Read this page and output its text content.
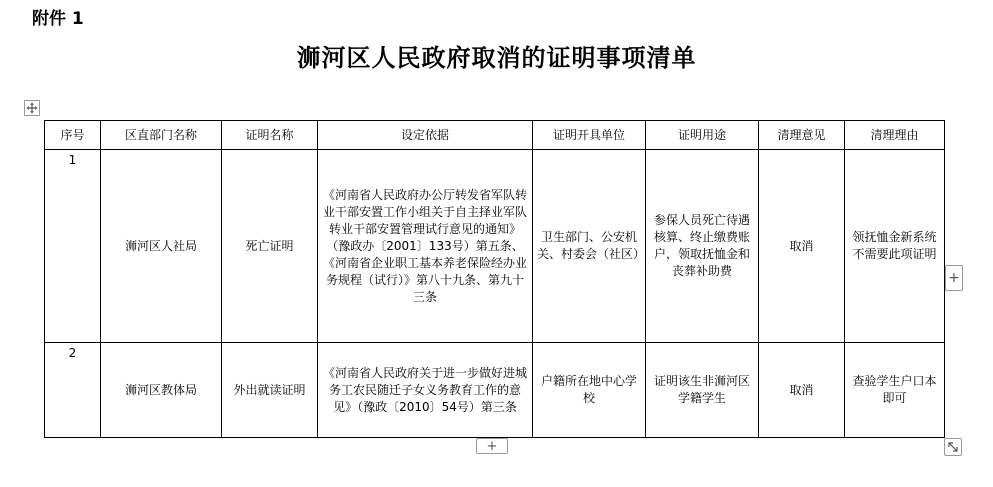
附件 1
浉河区人民政府取消的证明事项清单
序号	区直部门名称	证明名称	设定依据	证明开具单位	证明用途	清理意见	清理理由
1	浉河区人社局	死亡证明	《河南省人民政府办公厅转发省军队转业干部安置工作小组关于自主择业军队转业干部安置管理试行意见的通知》（豫政办〔2001〕133号）第五条、《河南省企业职工基本养老保险经办业务规程（试行）》第八十九条、第九十三条	卫生部门、公安机关、村委会（社区）	参保人员死亡待遇核算、终止缴费账户，领取抚恤金和丧葬补助费	取消	领抚恤金新系统不需要此项证明
2	浉河区教体局	外出就读证明	《河南省人民政府关于进一步做好进城务工农民随迁子女义务教育工作的意见》（豫政〔2010〕54号）第三条	户籍所在地中心学校	证明该生非浉河区学籍学生	取消	查验学生户口本即可
+
+
